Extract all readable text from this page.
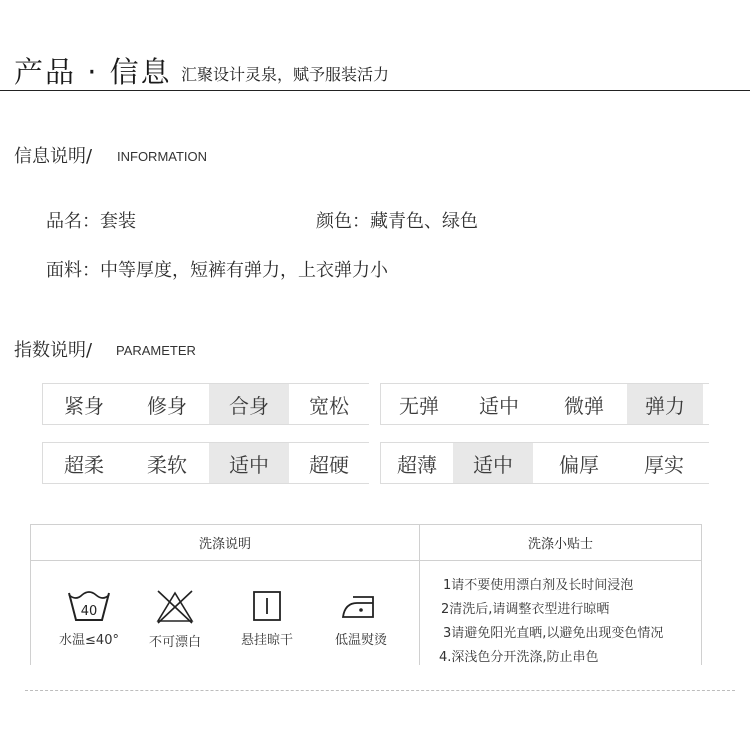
产品 · 信息 汇聚设计灵泉，赋予服装活力
信息说明/ INFORMATION
品名：套装	颜色：藏青色、绿色
面料：中等厚度，短裤有弹力，上衣弹力小
指数说明/ PARAMETER
紧身	修身	合身	宽松	无弹	适中	微弹	弹力
超柔	柔软	适中	超硬	超薄	适中	偏厚	厚实
洗涤说明	洗涤小贴士
40
水温≤40°	不可漂白	悬挂晾干	低温熨烫
1请不要使用漂白剂及长时间浸泡
2清洗后,请调整衣型进行晾晒
3请避免阳光直晒,以避免出现变色情况
4.深浅色分开洗涤,防止串色
